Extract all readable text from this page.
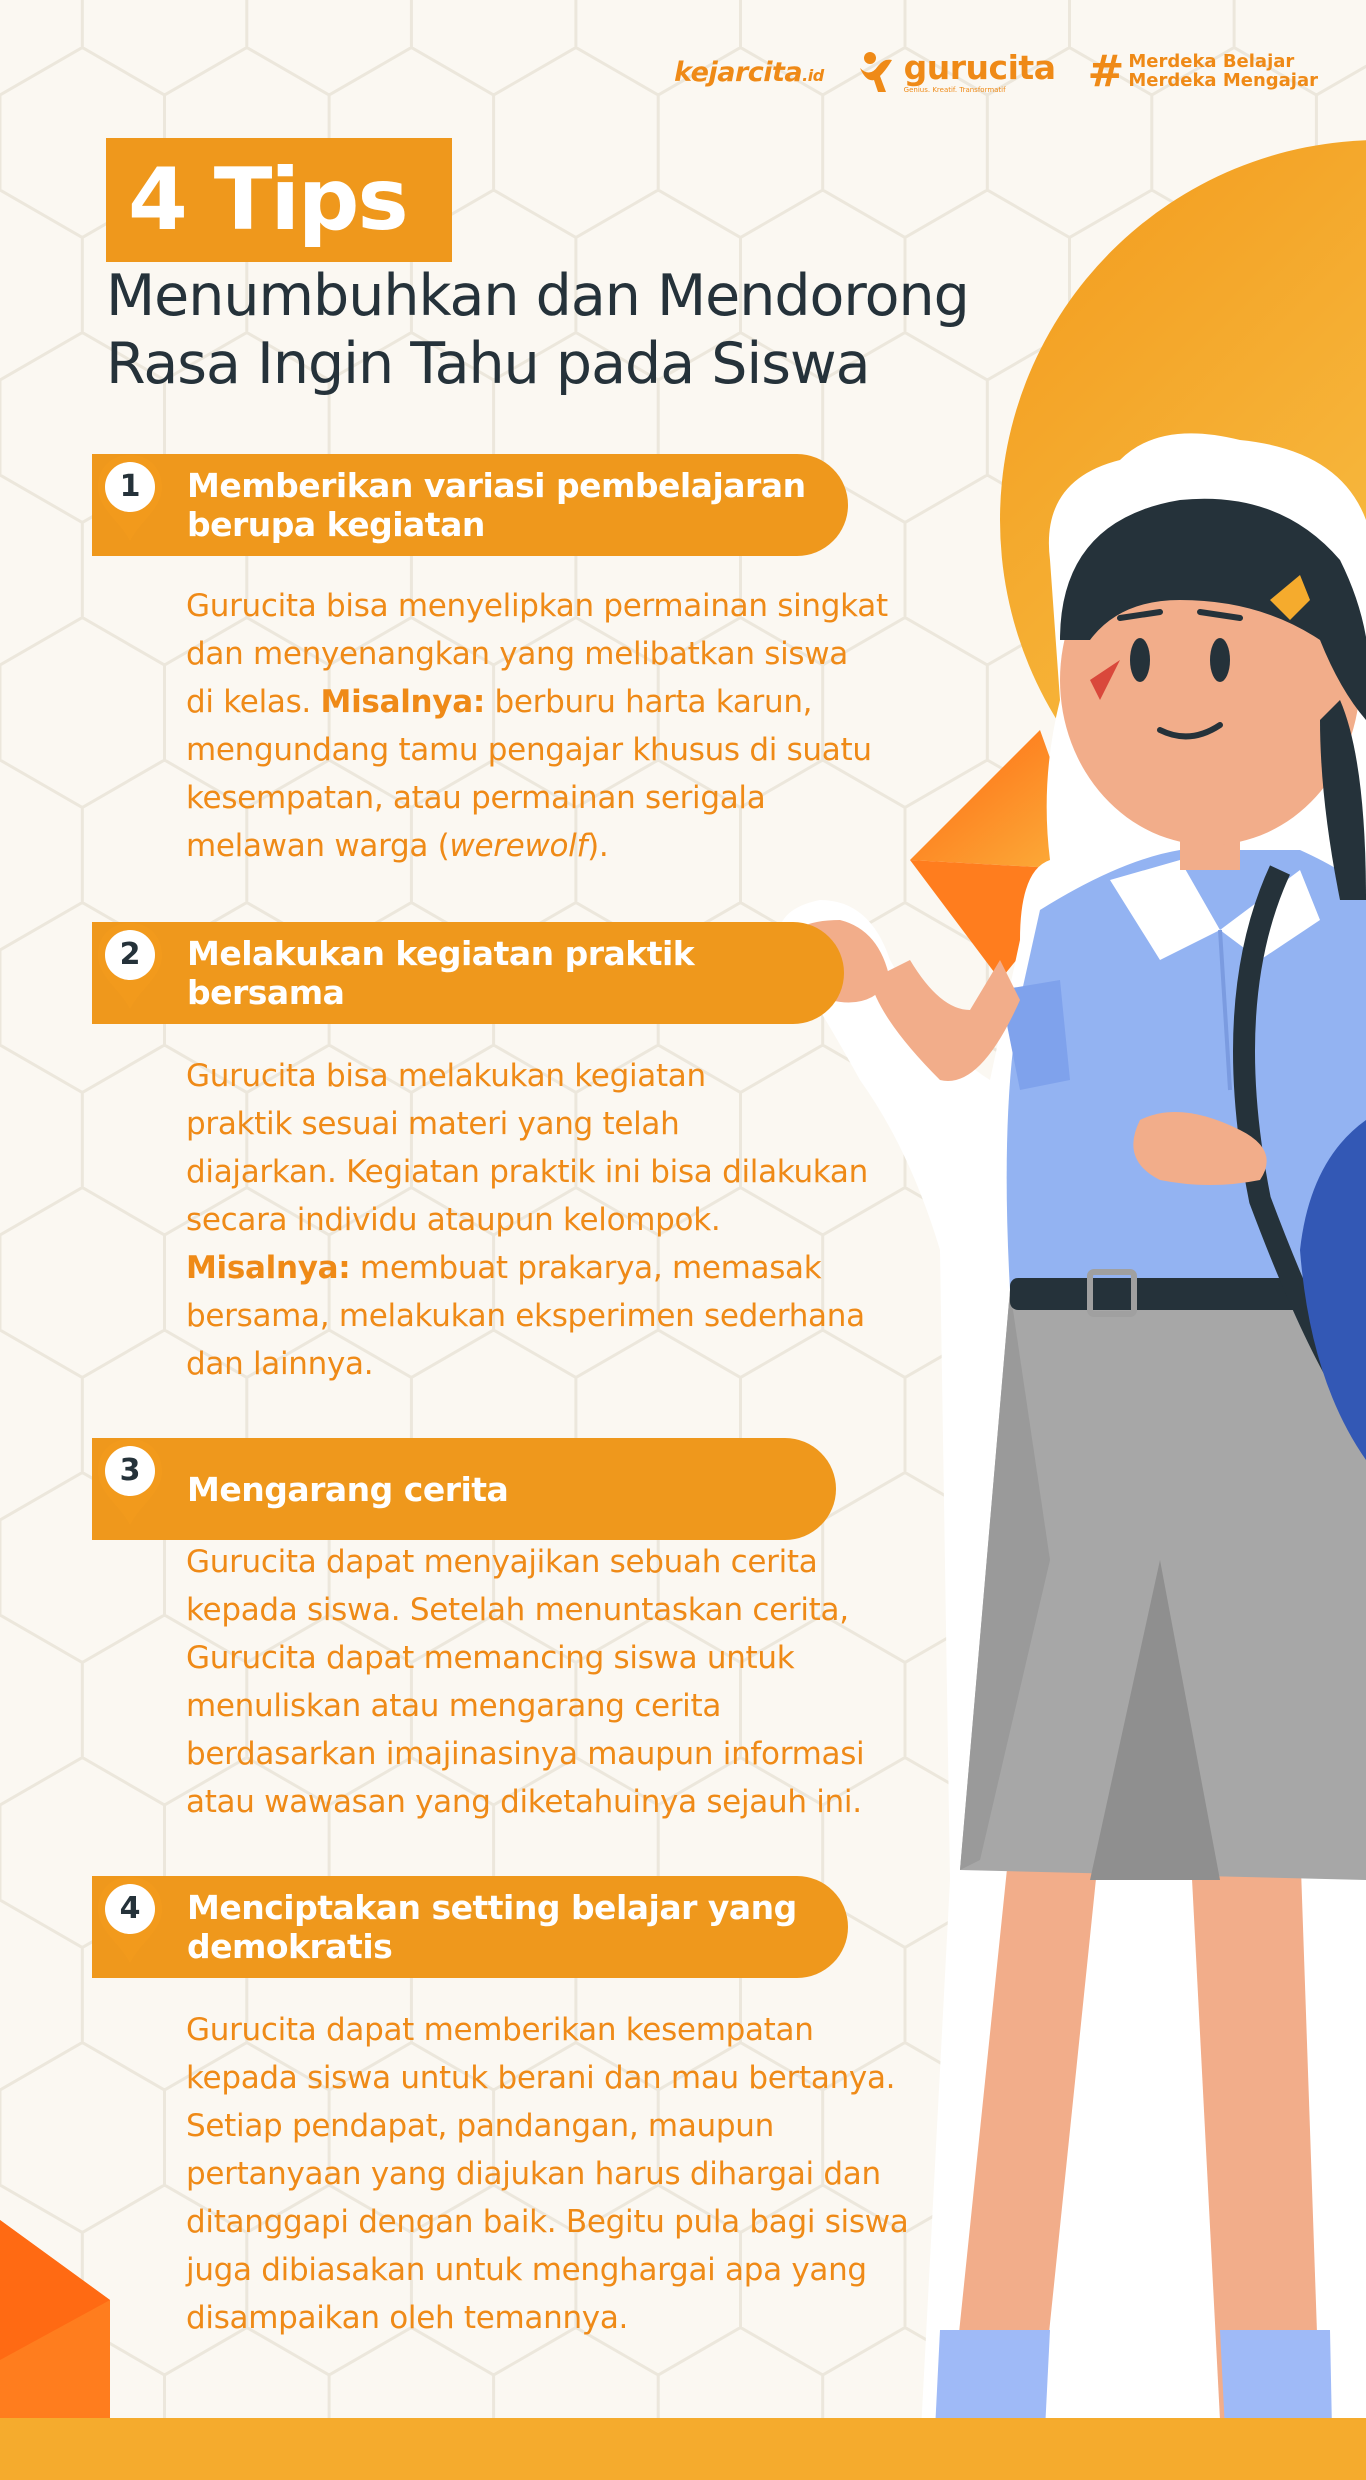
kejarcita.id gurucita
Genius. Kreatif. Transformatif	# Merdeka Belajar
Merdeka Mengajar
4 Tips
Menumbuhkan dan Mendorong
Rasa Ingin Tahu pada Siswa
Memberikan variasi pembelajaran
berupa kegiatan
1
Gurucita bisa menyelipkan permainan singkat
dan menyenangkan yang melibatkan siswa
di kelas. Misalnya: berburu harta karun,
mengundang tamu pengajar khusus di suatu
kesempatan, atau permainan serigala
melawan warga (werewolf).
Melakukan kegiatan praktik
bersama
2
Gurucita bisa melakukan kegiatan
praktik sesuai materi yang telah
diajarkan. Kegiatan praktik ini bisa dilakukan
secara individu ataupun kelompok.
Misalnya: membuat prakarya, memasak
bersama, melakukan eksperimen sederhana
dan lainnya.
Mengarang cerita
3
Gurucita dapat menyajikan sebuah cerita
kepada siswa. Setelah menuntaskan cerita,
Gurucita dapat memancing siswa untuk
menuliskan atau mengarang cerita
berdasarkan imajinasinya maupun informasi
atau wawasan yang diketahuinya sejauh ini.
Menciptakan setting belajar yang
demokratis
4
Gurucita dapat memberikan kesempatan
kepada siswa untuk berani dan mau bertanya.
Setiap pendapat, pandangan, maupun
pertanyaan yang diajukan harus dihargai dan
ditanggapi dengan baik. Begitu pula bagi siswa
juga dibiasakan untuk menghargai apa yang
disampaikan oleh temannya.
